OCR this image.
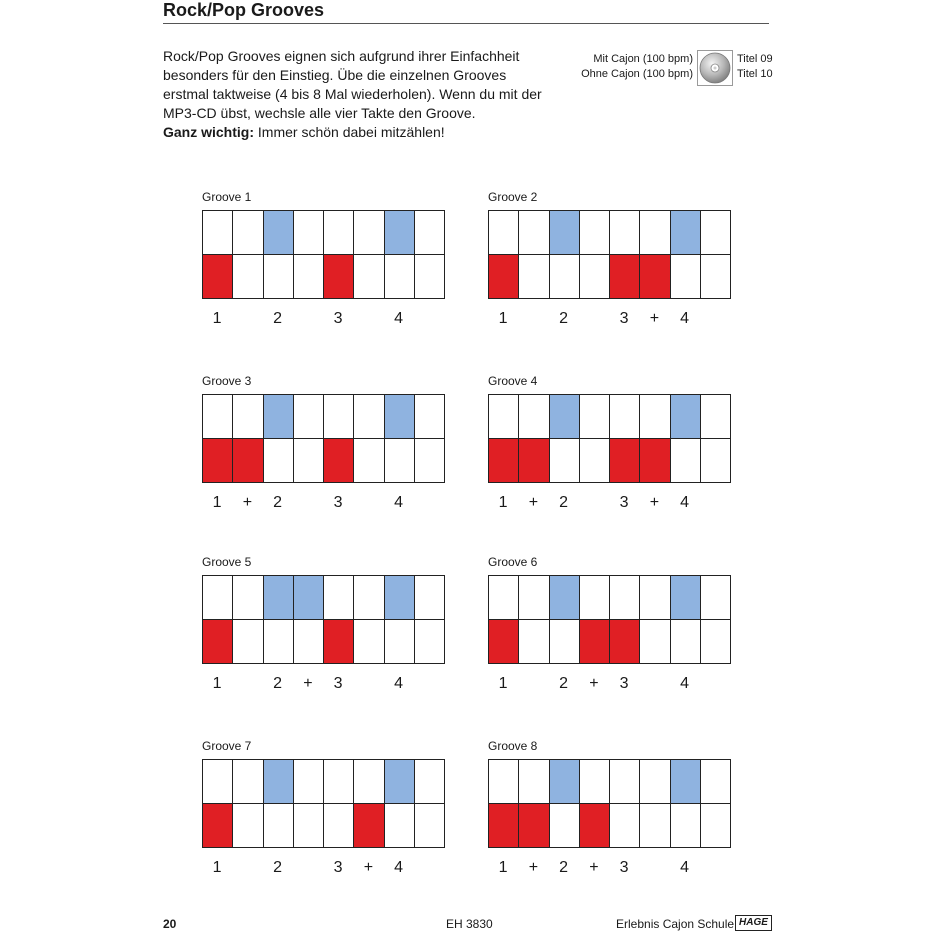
Rock/Pop Grooves

Rock/Pop Grooves eignen sich aufgrund ihrer Einfachheit

besonders für den Einstieg. Übe die einzelnen Grooves

erstmal taktweise (4 bis 8 Mal wiederholen). Wenn du mit der

MP3-CD übst, wechsle alle vier Takte den Groove.

Ganz wichtig: Immer schön dabei mitzählen!

Mit Cajon (100 bpm)
Ohne Cajon (100 bpm)
Titel 09
Titel 10
Groove 1
1	2	3	4
Groove 2
1	2	3 + 4
Groove 3
1 + 2	3	4
Groove 4
1 + 2	3 + 4
Groove 5
1	2 + 3	4
Groove 6
1	2 + 3	4
Groove 7
1	2	3 + 4
Groove 8
1 + 2 + 3	4
20	EH 3830	Erlebnis Cajon Schule HAGE
